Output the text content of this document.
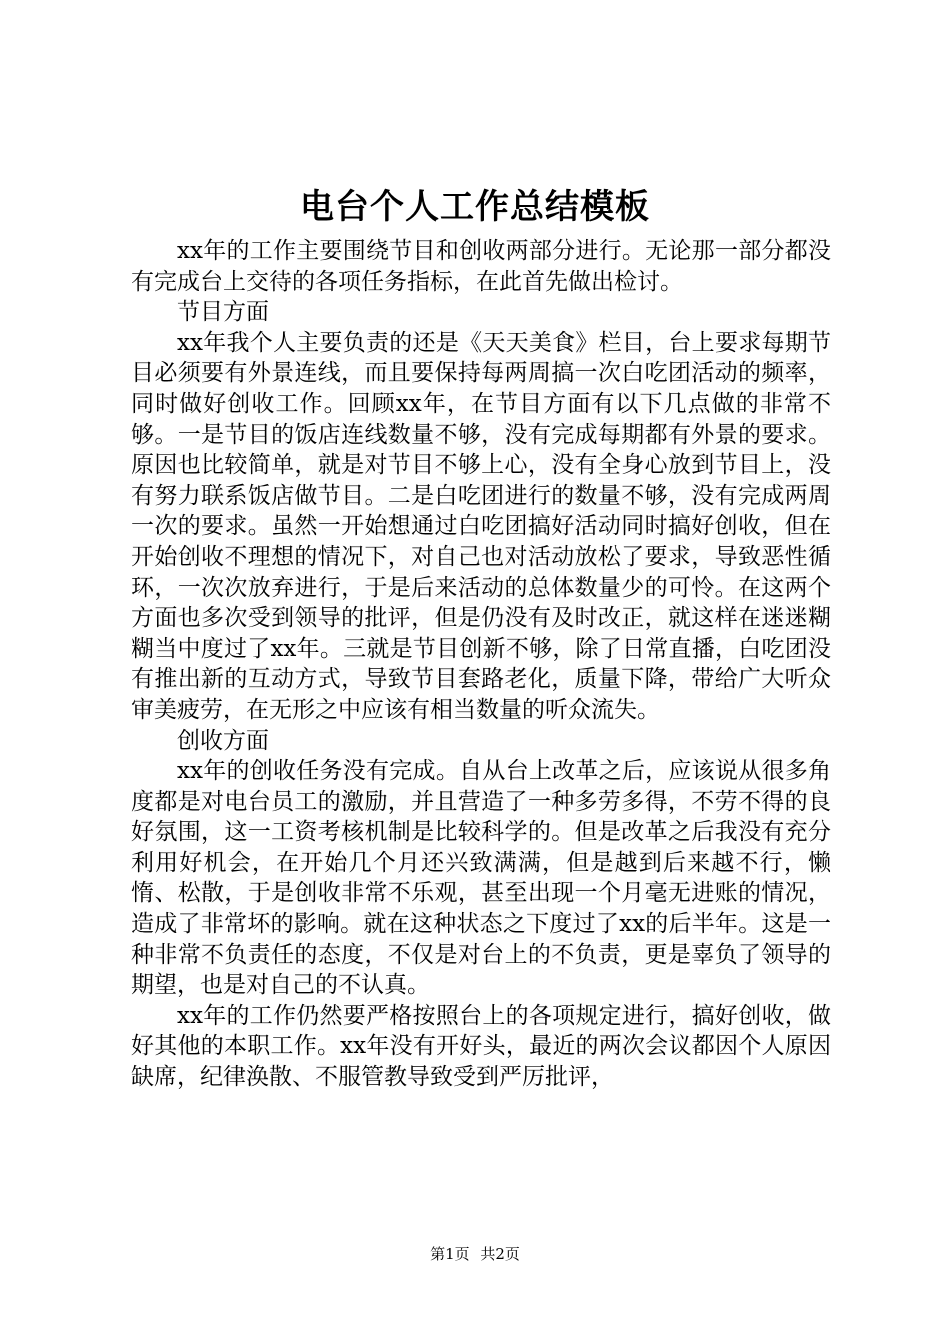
电台个人工作总结模板

xx年的工作主要围绕节目和创收两部分进行。无论那一部分都没有完成台上交待的各项任务指标，在此首先做出检讨。

节目方面

xx年我个人主要负责的还是《天天美食》栏目，台上要求每期节目必须要有外景连线，而且要保持每两周搞一次白吃团活动的频率，同时做好创收工作。回顾xx年，在节目方面有以下几点做的非常不够。一是节目的饭店连线数量不够，没有完成每期都有外景的要求。原因也比较简单，就是对节目不够上心，没有全身心放到节目上，没有努力联系饭店做节目。二是白吃团进行的数量不够，没有完成两周一次的要求。虽然一开始想通过白吃团搞好活动同时搞好创收，但在开始创收不理想的情况下，对自己也对活动放松了要求，导致恶性循环，一次次放弃进行，于是后来活动的总体数量少的可怜。在这两个方面也多次受到领导的批评，但是仍没有及时改正，就这样在迷迷糊糊当中度过了xx年。三就是节目创新不够，除了日常直播，白吃团没有推出新的互动方式，导致节目套路老化，质量下降，带给广大听众审美疲劳，在无形之中应该有相当数量的听众流失。

创收方面

xx年的创收任务没有完成。自从台上改革之后，应该说从很多角度都是对电台员工的激励，并且营造了一种多劳多得，不劳不得的良好氛围，这一工资考核机制是比较科学的。但是改革之后我没有充分利用好机会，在开始几个月还兴致满满，但是越到后来越不行，懒惰、松散，于是创收非常不乐观，甚至出现一个月毫无进账的情况，造成了非常坏的影响。就在这种状态之下度过了xx的后半年。这是一种非常不负责任的态度，不仅是对台上的不负责，更是辜负了领导的期望，也是对自己的不认真。

xx年的工作仍然要严格按照台上的各项规定进行，搞好创收，做好其他的本职工作。xx年没有开好头，最近的两次会议都因个人原因缺席，纪律涣散、不服管教导致受到严厉批评，

第1页 共2页
